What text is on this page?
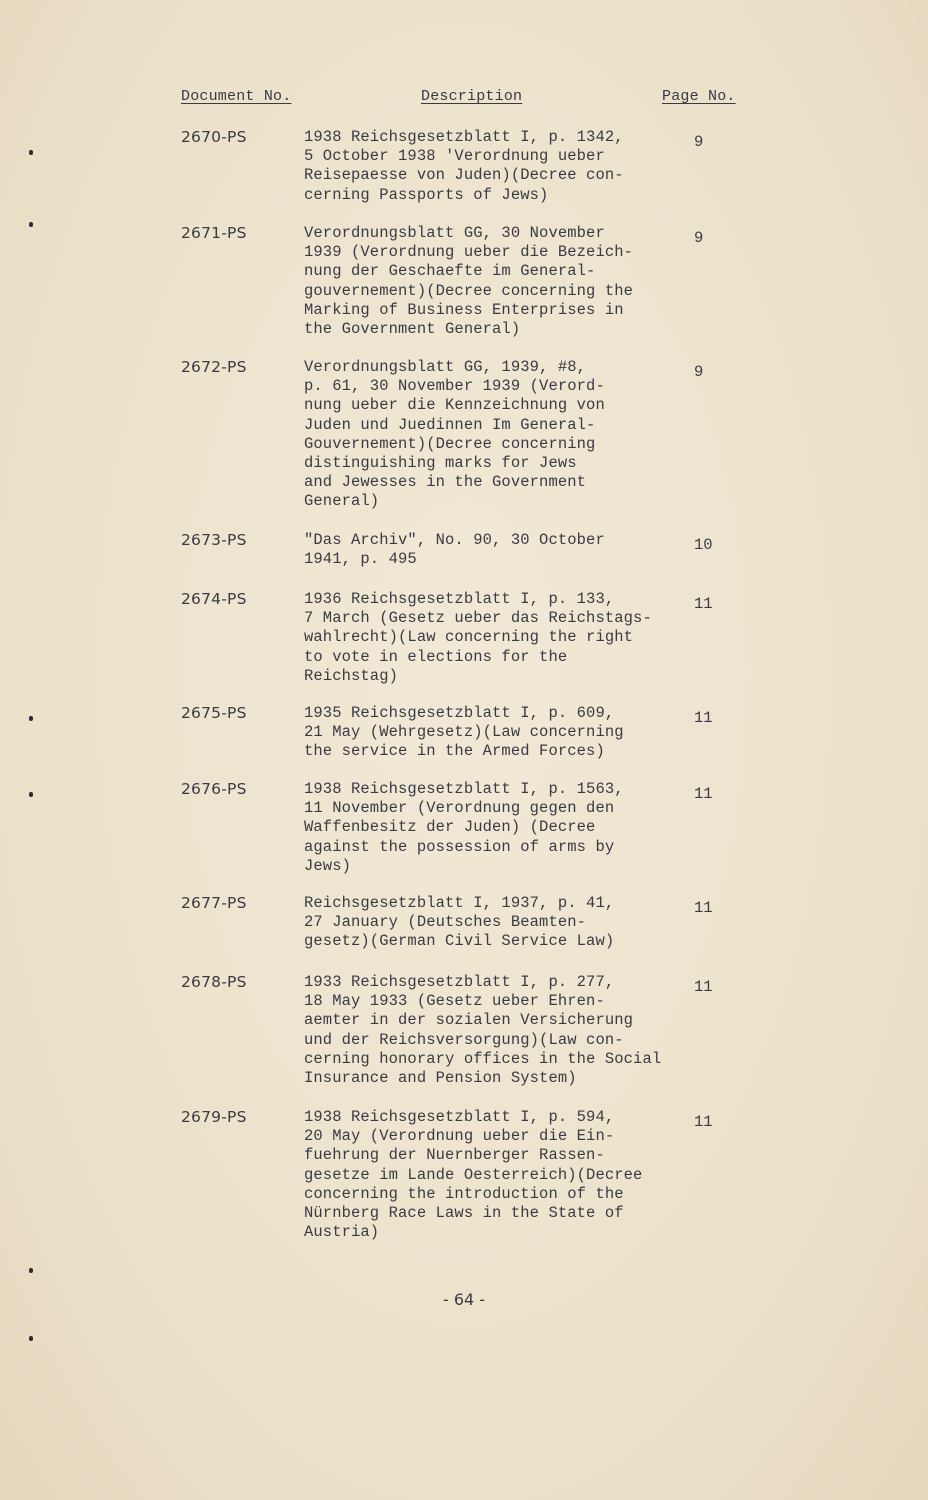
Document No.	Description	Page No.
2670-PS	1938 Reichsgesetzblatt I, p. 1342,
5 October 1938 'Verordnung ueber
Reisepaesse von Juden)(Decree con-
cerning Passports of Jews)
9
2671-PS	Verordnungsblatt GG, 30 November
1939 (Verordnung ueber die Bezeich-
nung der Geschaefte im General-
gouvernement)(Decree concerning the
Marking of Business Enterprises in
the Government General)
9
2672-PS	Verordnungsblatt GG, 1939, #8,
p. 61, 30 November 1939 (Verord-
nung ueber die Kennzeichnung von
Juden und Juedinnen Im General-
Gouvernement)(Decree concerning
distinguishing marks for Jews
and Jewesses in the Government
General)
9
2673-PS	"Das Archiv", No. 90, 30 October
1941, p. 495
10
2674-PS	1936 Reichsgesetzblatt I, p. 133,
7 March (Gesetz ueber das Reichstags-
wahlrecht)(Law concerning the right
to vote in elections for the
Reichstag)
11
2675-PS	1935 Reichsgesetzblatt I, p. 609,
21 May (Wehrgesetz)(Law concerning
the service in the Armed Forces)
11
2676-PS	1938 Reichsgesetzblatt I, p. 1563,
11 November (Verordnung gegen den
Waffenbesitz der Juden) (Decree
against the possession of arms by
Jews)
11
2677-PS	Reichsgesetzblatt I, 1937, p. 41,
27 January (Deutsches Beamten-
gesetz)(German Civil Service Law)
11
2678-PS	1933 Reichsgesetzblatt I, p. 277,
18 May 1933 (Gesetz ueber Ehren-
aemter in der sozialen Versicherung
und der Reichsversorgung)(Law con-
cerning honorary offices in the Social
Insurance and Pension System)
11
2679-PS	1938 Reichsgesetzblatt I, p. 594,
20 May (Verordnung ueber die Ein-
fuehrung der Nuernberger Rassen-
gesetze im Lande Oesterreich)(Decree
concerning the introduction of the
Nürnberg Race Laws in the State of
Austria)
11
- 64 -
